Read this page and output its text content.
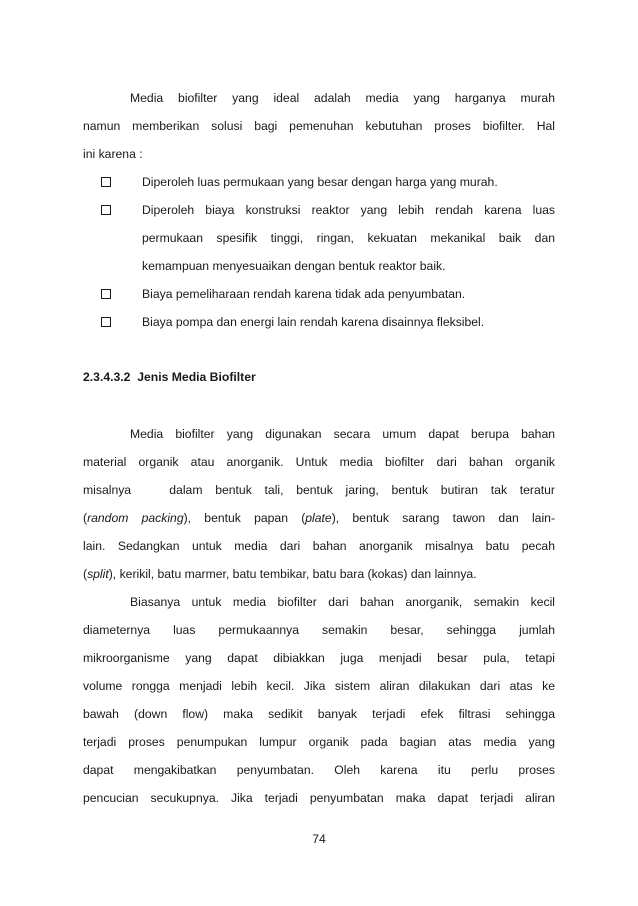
Media biofilter yang ideal adalah media yang harganya murah
namun memberikan solusi bagi pemenuhan kebutuhan proses biofilter. Hal
ini karena :
Diperoleh luas permukaan yang besar dengan harga yang murah.
Diperoleh biaya konstruksi reaktor yang lebih rendah karena luas
permukaan spesifik tinggi, ringan, kekuatan mekanikal baik dan
kemampuan menyesuaikan dengan bentuk reaktor baik.
Biaya pemeliharaan rendah karena tidak ada penyumbatan.
Biaya pompa dan energi lain rendah karena disainnya fleksibel.
2.3.4.3.2  Jenis Media Biofilter
Media biofilter yang digunakan secara umum dapat berupa bahan
material organik atau anorganik. Untuk media biofilter dari bahan organik
misalnya   dalam bentuk tali, bentuk jaring, bentuk butiran tak teratur
(random packing), bentuk papan (plate), bentuk sarang tawon dan lain-
lain. Sedangkan untuk media dari bahan anorganik misalnya batu pecah
(split), kerikil, batu marmer, batu tembikar, batu bara (kokas) dan lainnya.
Biasanya untuk media biofilter dari bahan anorganik, semakin kecil
diameternya luas permukaannya semakin besar, sehingga jumlah
mikroorganisme yang dapat dibiakkan juga menjadi besar pula, tetapi
volume rongga menjadi lebih kecil. Jika sistem aliran dilakukan dari atas ke
bawah (down flow) maka sedikit banyak terjadi efek filtrasi sehingga
terjadi proses penumpukan lumpur organik pada bagian atas media yang
dapat mengakibatkan penyumbatan. Oleh karena itu perlu proses
pencucian secukupnya. Jika terjadi penyumbatan maka dapat terjadi aliran
74
